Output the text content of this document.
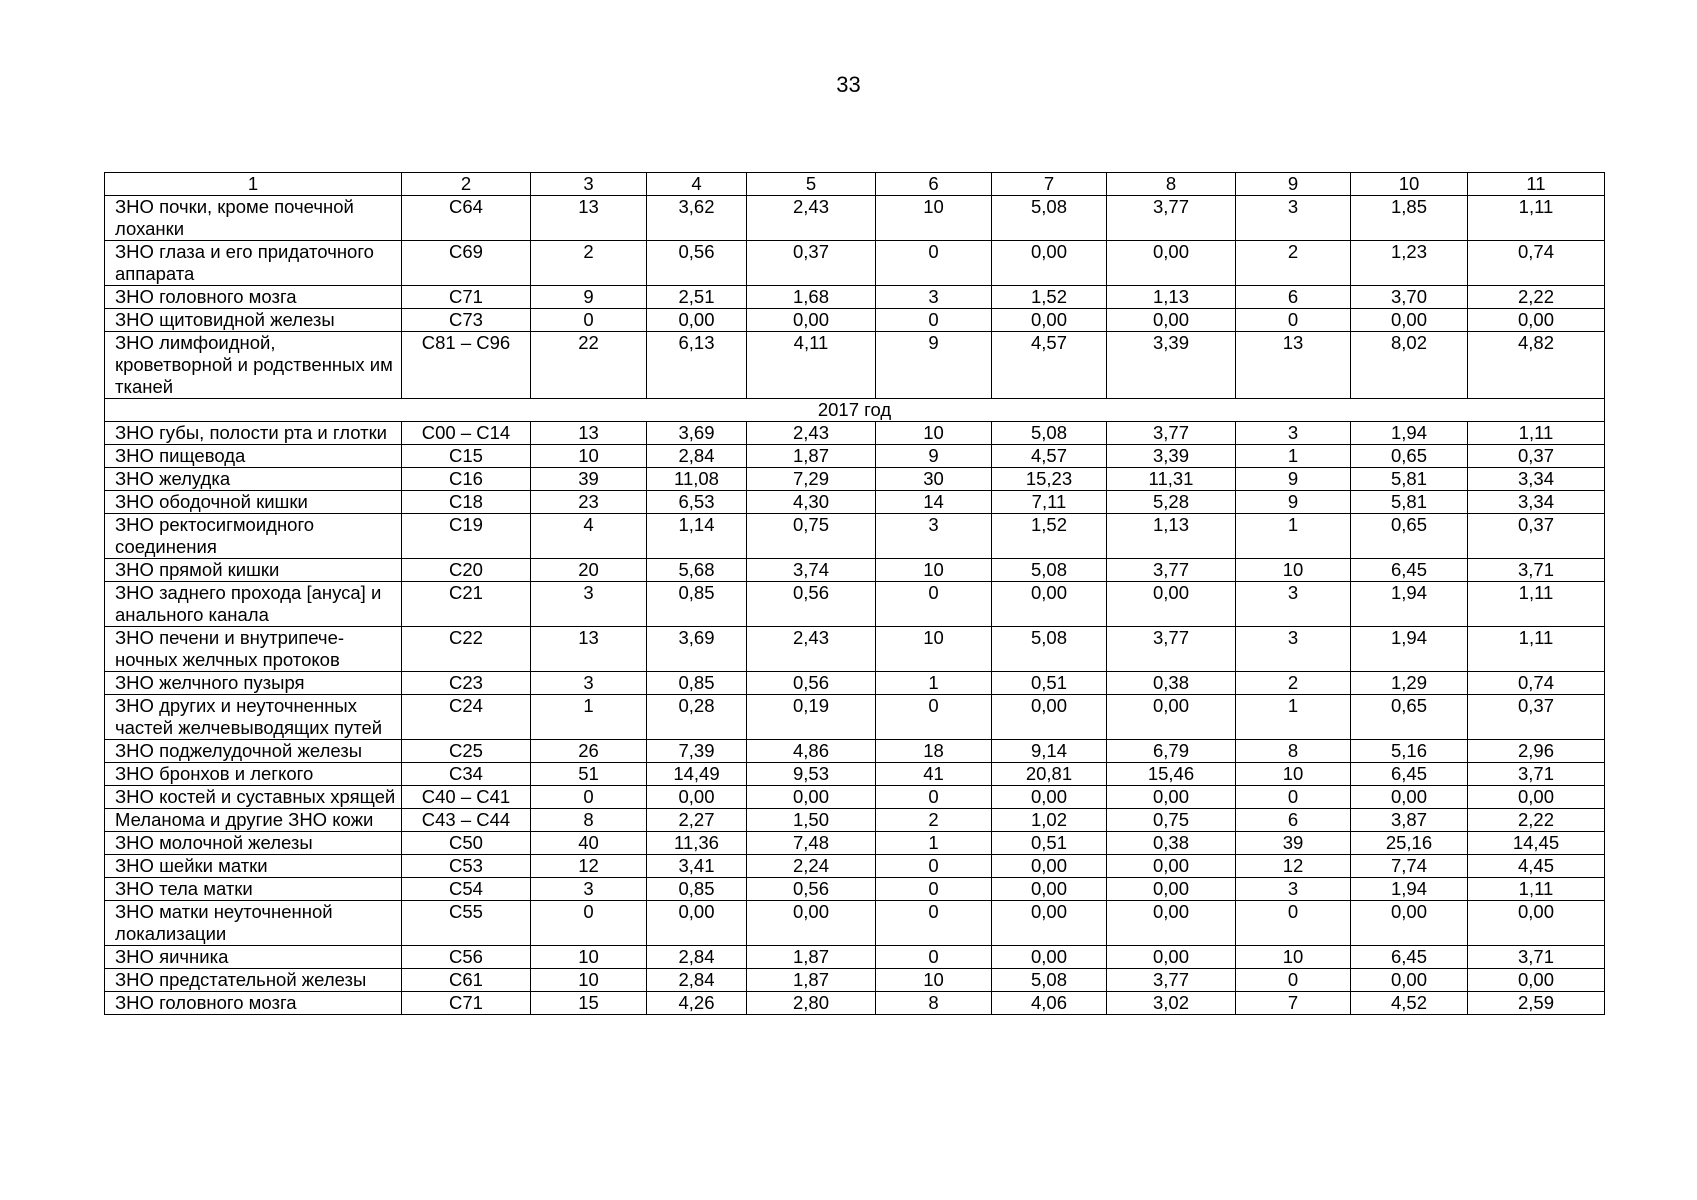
33
1	2	3	4	5	6	7	8	9	10	11
ЗНО почки, кроме почечной лоханки	C64	13	3,62	2,43	10	5,08	3,77	3	1,85	1,11
ЗНО глаза и его придаточного аппарата	C69	2	0,56	0,37	0	0,00	0,00	2	1,23	0,74
ЗНО головного мозга	C71	9	2,51	1,68	3	1,52	1,13	6	3,70	2,22
ЗНО щитовидной железы	C73	0	0,00	0,00	0	0,00	0,00	0	0,00	0,00
ЗНО лимфоидной, кроветворной и родственных им тканей	C81 – C96	22	6,13	4,11	9	4,57	3,39	13	8,02	4,82
2017 год										
ЗНО губы, полости рта и глотки	C00 – C14	13	3,69	2,43	10	5,08	3,77	3	1,94	1,11
ЗНО пищевода	C15	10	2,84	1,87	9	4,57	3,39	1	0,65	0,37
ЗНО желудка	C16	39	11,08	7,29	30	15,23	11,31	9	5,81	3,34
ЗНО ободочной кишки	C18	23	6,53	4,30	14	7,11	5,28	9	5,81	3,34
ЗНО ректосигмоидного соединения	C19	4	1,14	0,75	3	1,52	1,13	1	0,65	0,37
ЗНО прямой кишки	C20	20	5,68	3,74	10	5,08	3,77	10	6,45	3,71
ЗНО заднего прохода [ануса] и анального канала	C21	3	0,85	0,56	0	0,00	0,00	3	1,94	1,11
ЗНО печени и внутрипече-ночных желчных протоков	C22	13	3,69	2,43	10	5,08	3,77	3	1,94	1,11
ЗНО желчного пузыря	C23	3	0,85	0,56	1	0,51	0,38	2	1,29	0,74
ЗНО других и неуточненных частей желчевыводящих путей	C24	1	0,28	0,19	0	0,00	0,00	1	0,65	0,37
ЗНО поджелудочной железы	C25	26	7,39	4,86	18	9,14	6,79	8	5,16	2,96
ЗНО бронхов и легкого	C34	51	14,49	9,53	41	20,81	15,46	10	6,45	3,71
ЗНО костей и суставных хрящей	C40 – C41	0	0,00	0,00	0	0,00	0,00	0	0,00	0,00
Меланома и другие ЗНО кожи	C43 – C44	8	2,27	1,50	2	1,02	0,75	6	3,87	2,22
ЗНО молочной железы	C50	40	11,36	7,48	1	0,51	0,38	39	25,16	14,45
ЗНО шейки матки	C53	12	3,41	2,24	0	0,00	0,00	12	7,74	4,45
ЗНО тела матки	C54	3	0,85	0,56	0	0,00	0,00	3	1,94	1,11
ЗНО матки неуточненной локализации	C55	0	0,00	0,00	0	0,00	0,00	0	0,00	0,00
ЗНО яичника	C56	10	2,84	1,87	0	0,00	0,00	10	6,45	3,71
ЗНО предстательной железы	C61	10	2,84	1,87	10	5,08	3,77	0	0,00	0,00
ЗНО головного мозга	C71	15	4,26	2,80	8	4,06	3,02	7	4,52	2,59
